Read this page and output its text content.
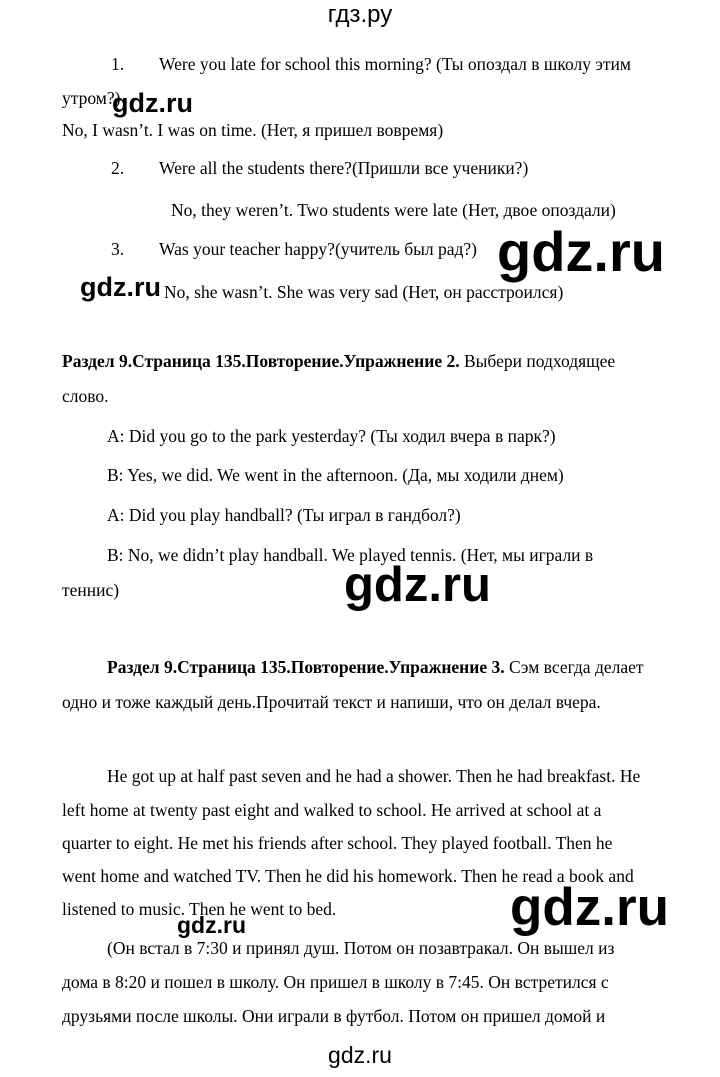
гдз.ру
1. Were you late for school this morning? (Ты опоздал в школу этим
утром?)
No, I wasn’t. I was on time. (Нет, я пришел вовремя)
2. Were all the students there?(Пришли все ученики?)
No, they weren’t. Two students were late (Нет, двое опоздали)
3. Was your teacher happy?(учитель был рад?)
No, she wasn’t. She was very sad (Нет, он расстроился)
Раздел 9.Страница 135.Повторение.Упражнение 2. Выбери подходящее
слово.
A: Did you go to the park yesterday? (Ты ходил вчера в парк?)
B: Yes, we did. We went in the afternoon. (Да, мы ходили днем)
A: Did you play handball? (Ты играл в гандбол?)
B: No, we didn’t play handball. We played tennis. (Нет, мы играли в
теннис)
Раздел 9.Страница 135.Повторение.Упражнение 3. Сэм всегда делает
одно и тоже каждый день.Прочитай текст и напиши, что он делал вчера.
He got up at half past seven and he had a shower. Then he had breakfast. He
left home at twenty past eight and walked to school. He arrived at school at a
quarter to eight. He met his friends after school. They played football. Then he
went home and watched TV. Then he did his homework. Then he read a book and
listened to music. Then he went to bed.
(Он встал в 7:30 и принял душ. Потом он позавтракал. Он вышел из
дома в 8:20 и пошел в школу. Он пришел в школу в 7:45. Он встретился с
друзьями после школы. Они играли в футбол. Потом он пришел домой и
gdz.ru
gdz.ru
gdz.ru
gdz.ru
gdz.ru
gdz.ru
gdz.ru
